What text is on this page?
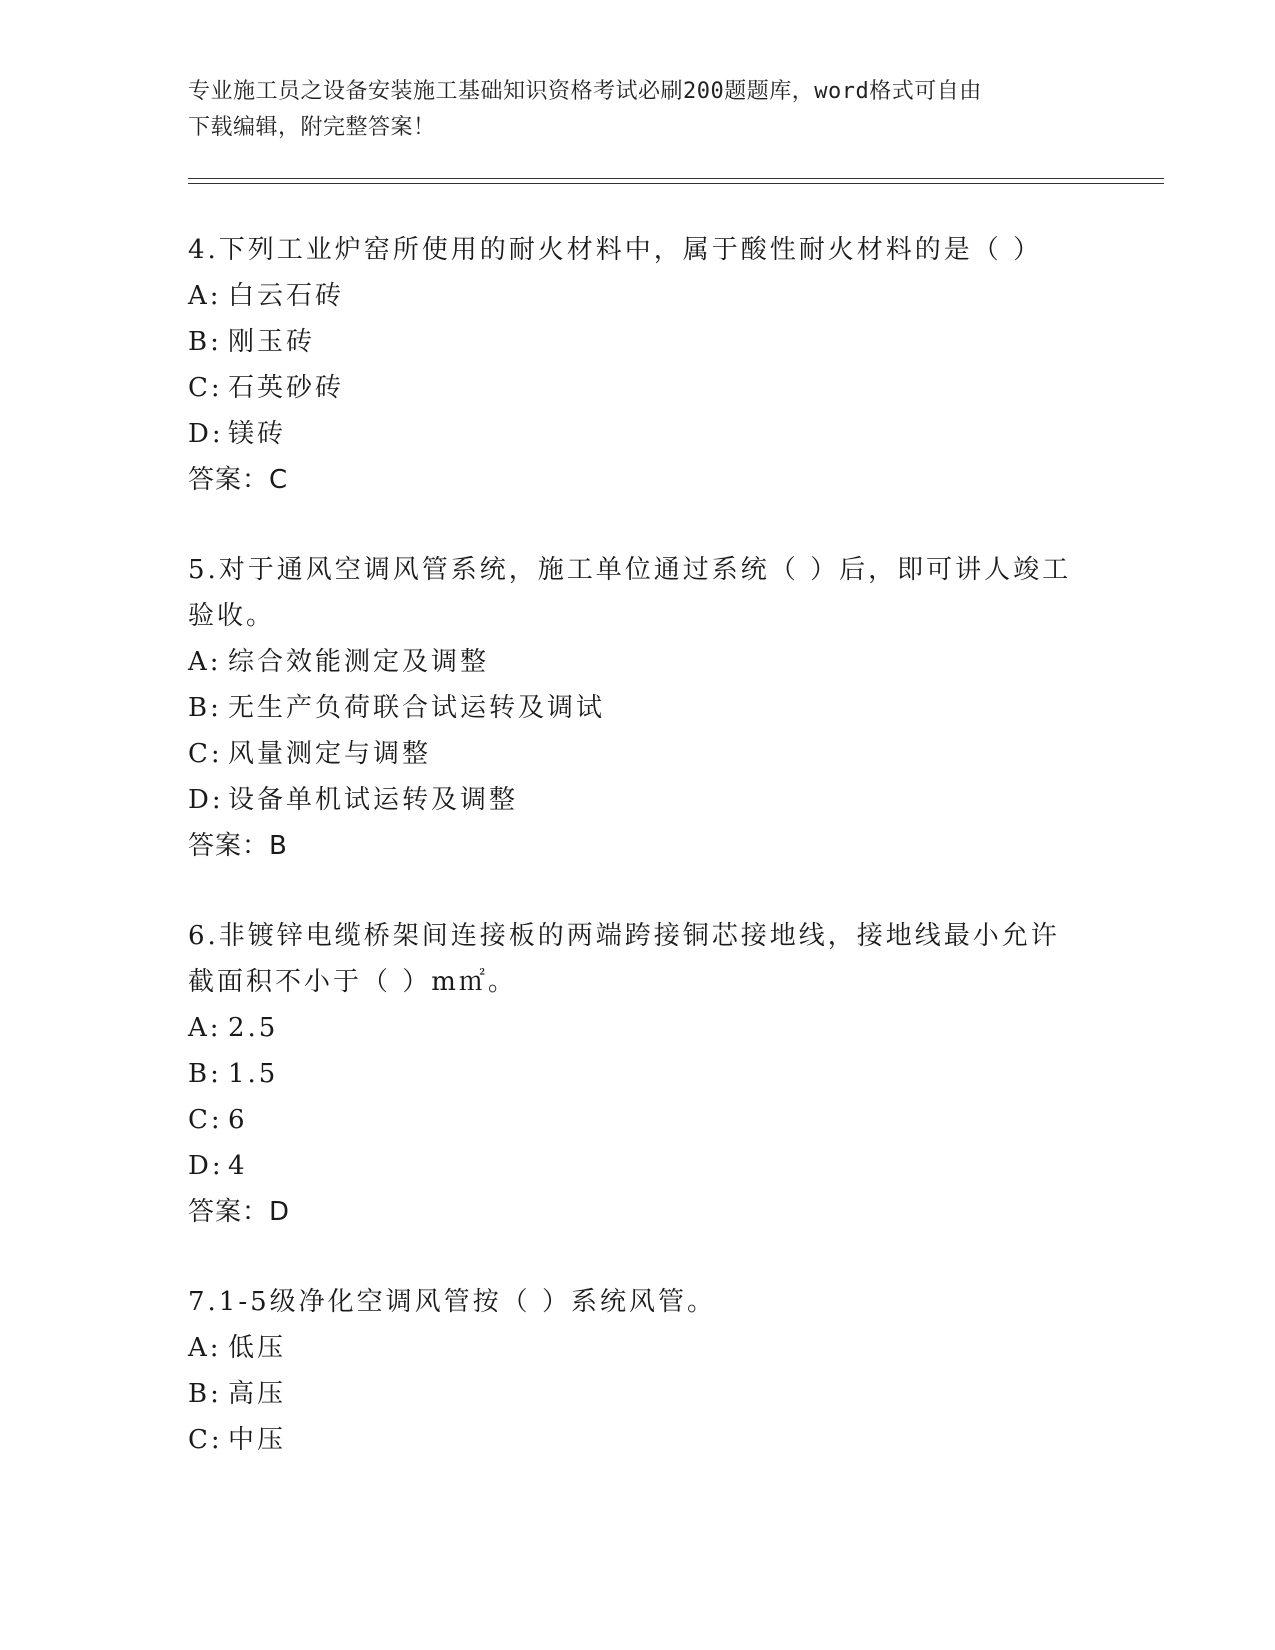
专业施工员之设备安装施工基础知识资格考试必刷200题题库，word格式可自由
下载编辑，附完整答案！

4.下列工业炉窑所使用的耐火材料中，属于酸性耐火材料的是（ ）

A: 白云石砖

B: 刚玉砖

C: 石英砂砖

D: 镁砖

答案：C

5.对于通风空调风管系统，施工单位通过系统（ ）后，即可讲人竣工

验收。

A: 综合效能测定及调整

B: 无生产负荷联合试运转及调试

C: 风量测定与调整

D: 设备单机试运转及调整

答案：B

6.非镀锌电缆桥架间连接板的两端跨接铜芯接地线，接地线最小允许

截面积不小于（ ）m㎡。

A: 2.5

B: 1.5

C: 6

D: 4

答案：D

7.1-5级净化空调风管按（ ）系统风管。

A: 低压

B: 高压

C: 中压
